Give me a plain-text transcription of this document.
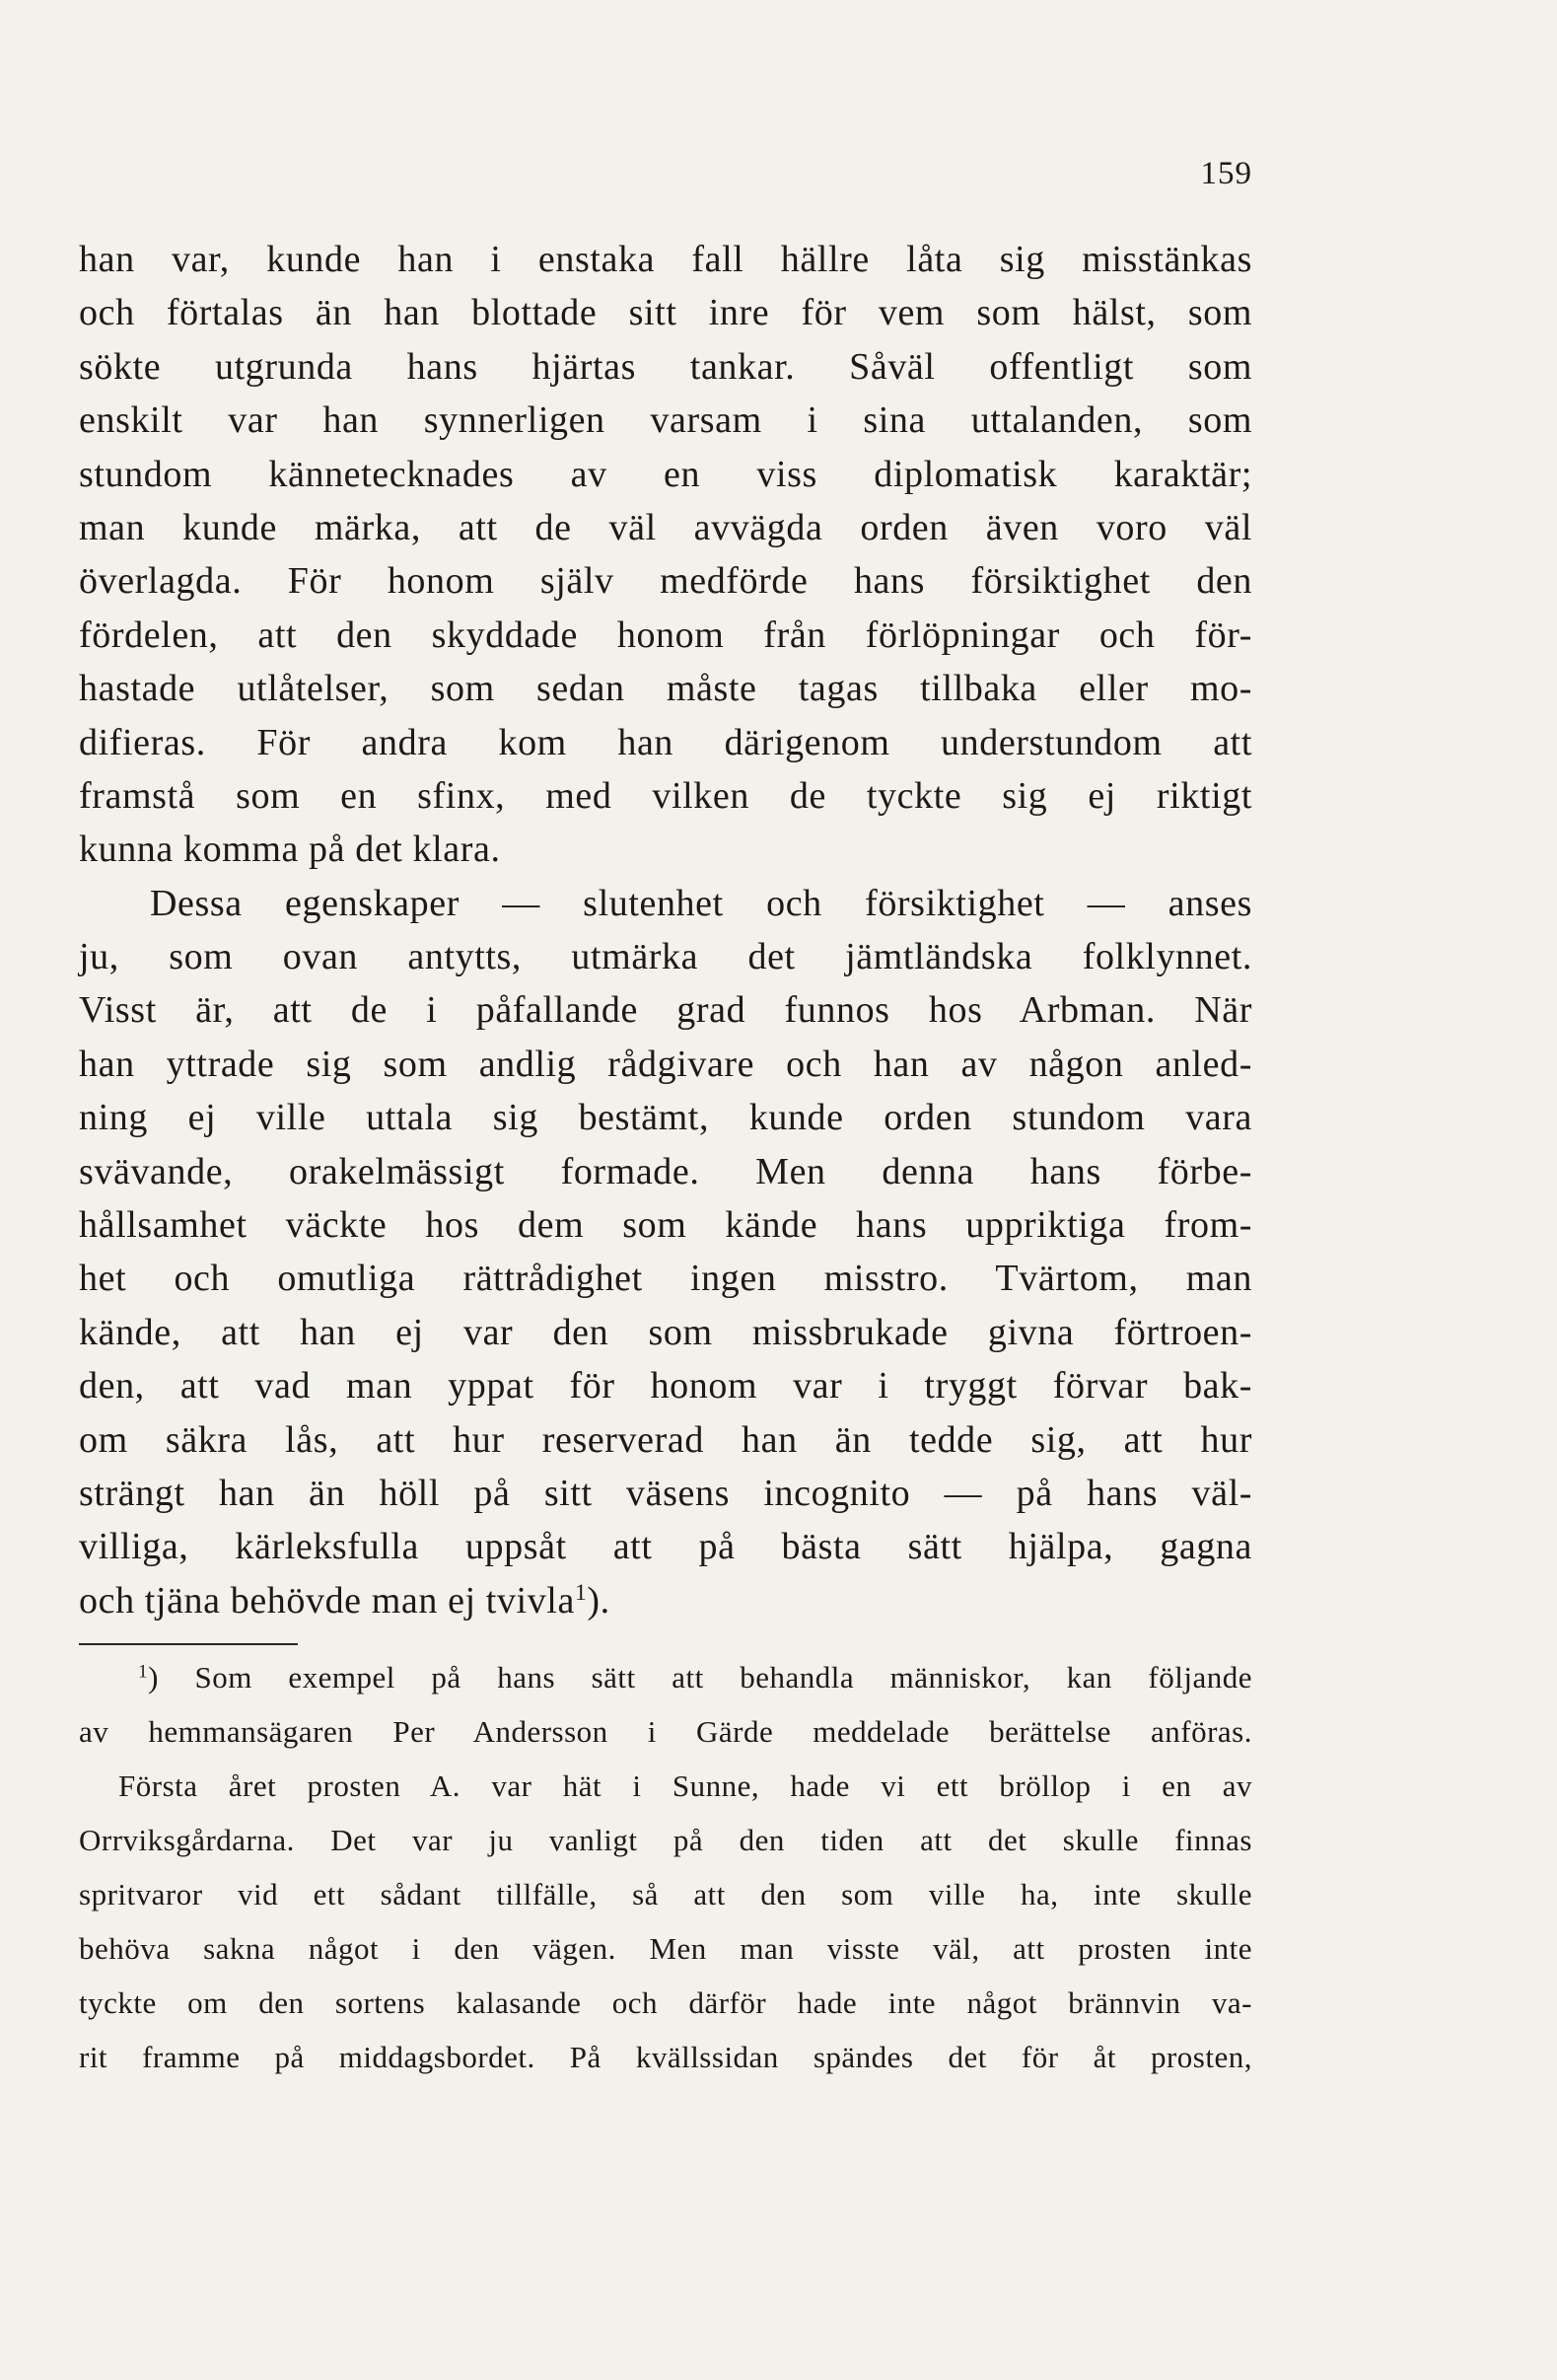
159
han var, kunde han i enstaka fall hällre låta sig misstänkas
och förtalas än han blottade sitt inre för vem som hälst, som
sökte utgrunda hans hjärtas tankar. Såväl offentligt som
enskilt var han synnerligen varsam i sina uttalanden, som
stundom kännetecknades av en viss diplomatisk karaktär;
man kunde märka, att de väl avvägda orden även voro väl
överlagda. För honom själv medförde hans försiktighet den
fördelen, att den skyddade honom från förlöpningar och för-
hastade utlåtelser, som sedan måste tagas tillbaka eller mo-
difieras. För andra kom han därigenom understundom att
framstå som en sfinx, med vilken de tyckte sig ej riktigt
kunna komma på det klara.
Dessa egenskaper — slutenhet och försiktighet — anses
ju, som ovan antytts, utmärka det jämtländska folklynnet.
Visst är, att de i påfallande grad funnos hos Arbman. När
han yttrade sig som andlig rådgivare och han av någon anled-
ning ej ville uttala sig bestämt, kunde orden stundom vara
svävande, orakelmässigt formade. Men denna hans förbe-
hållsamhet väckte hos dem som kände hans uppriktiga from-
het och omutliga rättrådighet ingen misstro. Tvärtom, man
kände, att han ej var den som missbrukade givna förtroen-
den, att vad man yppat för honom var i tryggt förvar bak-
om säkra lås, att hur reserverad han än tedde sig, att hur
strängt han än höll på sitt väsens incognito — på hans väl-
villiga, kärleksfulla uppsåt att på bästa sätt hjälpa, gagna
och tjäna behövde man ej tvivla$^1$).
$^1$) Som exempel på hans sätt att behandla människor, kan följande
av hemmansägaren Per Andersson i Gärde meddelade berättelse anföras.
Första året prosten A. var hät i Sunne, hade vi ett bröllop i en av
Orrviksgårdarna. Det var ju vanligt på den tiden att det skulle finnas
spritvaror vid ett sådant tillfälle, så att den som ville ha, inte skulle
behöva sakna något i den vägen. Men man visste väl, att prosten inte
tyckte om den sortens kalasande och därför hade inte något brännvin va-
rit framme på middagsbordet. På kvällssidan spändes det för åt prosten,
